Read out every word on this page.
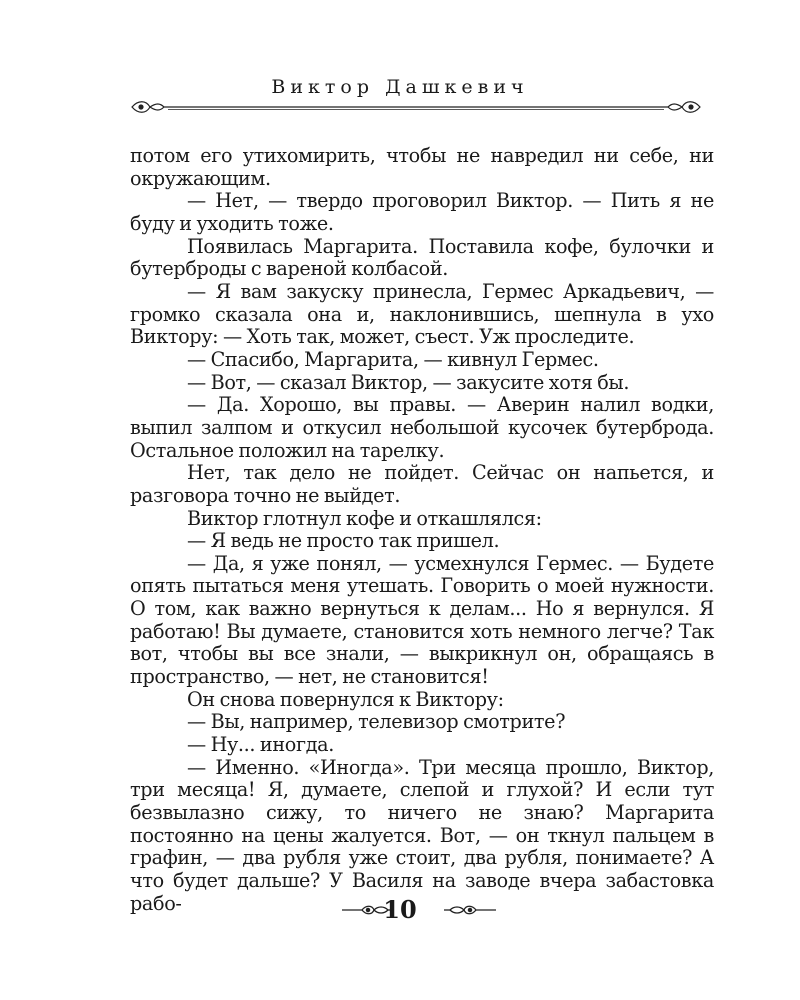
Виктор Дашкевич

потом его утихомирить, чтобы не навредил ни себе, ни окружающим.

— Нет, — твердо проговорил Виктор. — Пить я не буду и уходить тоже.

Появилась Маргарита. Поставила кофе, булочки и бутерброды с вареной колбасой.

— Я вам закуску принесла, Гермес Аркадьевич, — громко сказала она и, наклонившись, шепнула в ухо Виктору: — Хоть так, может, съест. Уж проследите.

— Спасибо, Маргарита, — кивнул Гермес.

— Вот, — сказал Виктор, — закусите хотя бы.

— Да. Хорошо, вы правы. — Аверин налил водки, выпил залпом и откусил небольшой кусочек бутерброда. Остальное положил на тарелку.

Нет, так дело не пойдет. Сейчас он напьется, и разговора точно не выйдет.

Виктор глотнул кофе и откашлялся:

— Я ведь не просто так пришел.

— Да, я уже понял, — усмехнулся Гермес. — Будете опять пытаться меня утешать. Говорить о моей нужности. О том, как важно вернуться к делам... Но я вернулся. Я работаю! Вы думаете, становится хоть немного легче? Так вот, чтобы вы все знали, — выкрикнул он, обращаясь в пространство, — нет, не становится!

Он снова повернулся к Виктору:

— Вы, например, телевизор смотрите?

— Ну... иногда.

— Именно. «Иногда». Три месяца прошло, Виктор, три месяца! Я, думаете, слепой и глухой? И если тут безвылазно сижу, то ничего не знаю? Маргарита постоянно на цены жалуется. Вот, — он ткнул пальцем в графин, — два рубля уже стоит, два рубля, понимаете? А что будет дальше? У Василя на заводе вчера забастовка рабо-	10
